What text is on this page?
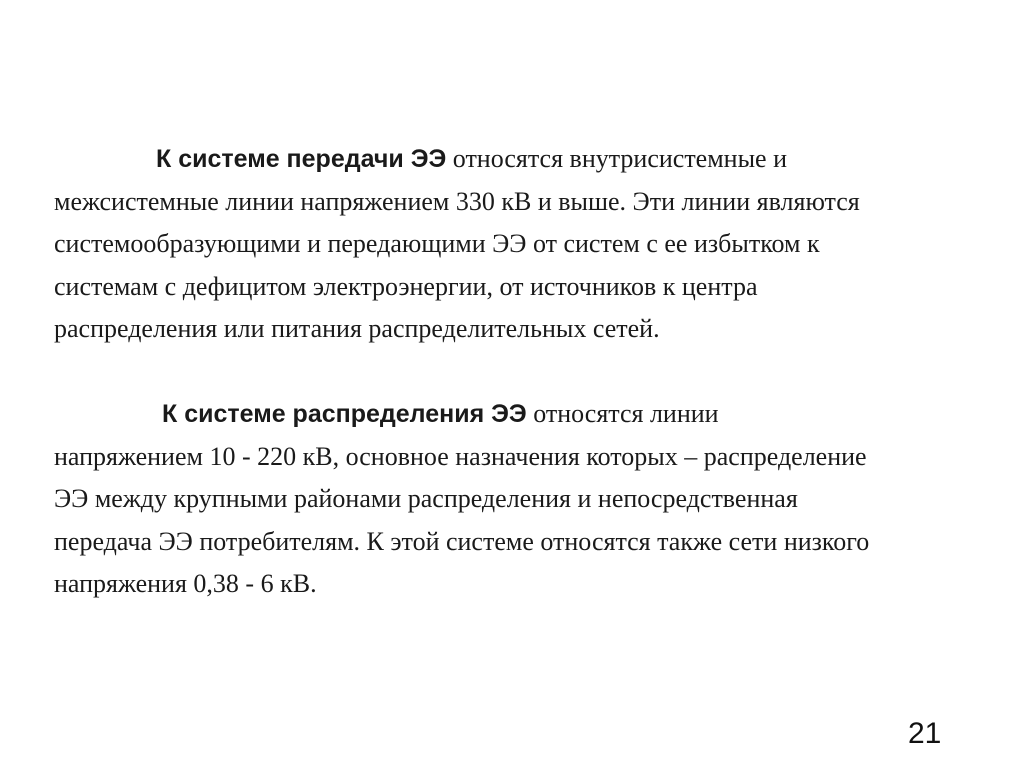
К системе передачи ЭЭ относятся внутрисистемные и
межсистемные линии напряжением 330 кВ и выше. Эти линии являются
системообразующими и передающими ЭЭ от систем с ее избытком к
системам с дефицитом электроэнергии, от источников к центра
распределения или питания распределительных сетей.

К системе распределения ЭЭ относятся линии
напряжением 10 - 220 кВ, основное назначения которых – распределение
ЭЭ между крупными районами распределения и непосредственная
передача ЭЭ потребителям. К этой системе относятся также сети низкого
напряжения 0,38 - 6 кВ.

21
